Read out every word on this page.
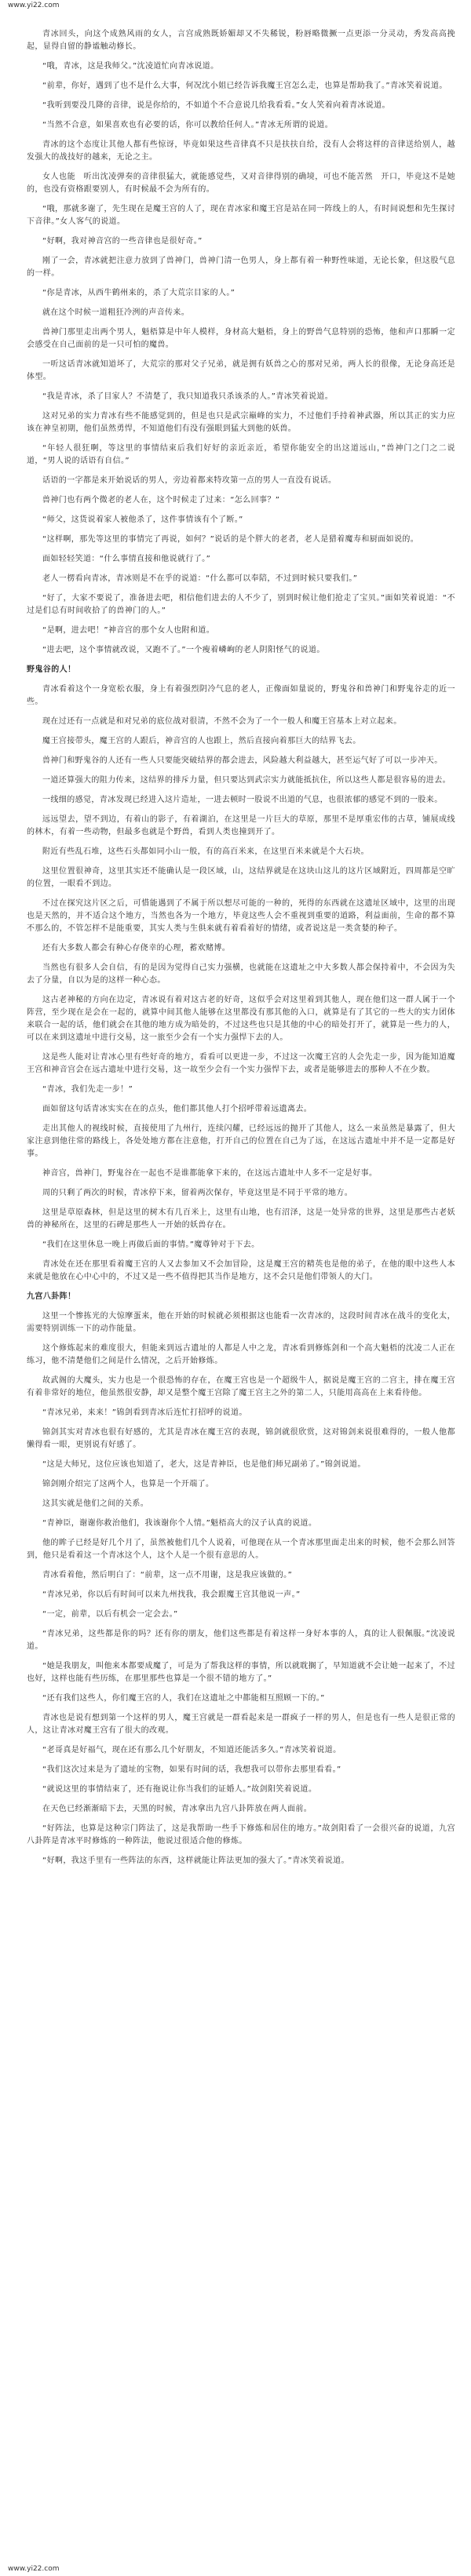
www.yi22.com

青冰回头，向这个成熟风雨的女人，言宫成熟既娇媚却又不失稀锐，粉唇略微撅一点更添一分灵动，秀发高高挽起，显得自留的静谧触动修长。

“哦，青冰，这是我师父。”沈凌道忙向青冰说道。

“前辈，你好，遇到了也不是什么大事，何况沈小姐已经告诉我魔王宫怎么走，也算是帮助我了。”青冰笑着说道。

“我听到要没几降的音律，说是你给的，不如道个不合意说几给我看看。”女人笑着向着青冰说道。

“当然不合意，如果喜欢也有必要的话，你可以教给任何人。”青冰无所谓的说道。

青冰的这个态度让其他人都有些惊讶，毕竟如果这些音律真不只是扶扶自给，没有人会将这样的音律送给别人，越发强大的战技好的越来，无论之主。

女人也能　听出沈凌弹奏的音律很猛大，就能感觉些，又对音律得别的确境，可也不能苦然　开口，毕竟这不是她的，也没有资格跟要别人，有时候最不会为所有的。

“哦，那就多谢了，先生现在是魔王宫的人了，现在青冰家和魔王宫是站在同一阵线上的人，有时间说想和先生探讨下音律。”女人客气的说道。

“好啊，我对神音宫的一些音律也是很好奇。”

刚了一会，青冰就把注意力放到了兽神门，兽神门清一色男人，身上都有着一种野性味道，无论长象，但这股气息的一样。

“你是青冰，从西牛鹤州来的，杀了大荒宗目家的人。”

就在这个时候一道粗狂冷洌的声音传来。

兽神门那里走出两个男人，魁梧算是中年人模样，身材高大魁梧，身上的野兽气息特别的恐怖，他和声口那瞬一定会感受在自己面前的是一只可怕的魔兽。

一听这话青冰就知道坏了，大荒宗的那对父子兄弟，就是拥有妖兽之心的那对兄弟，两人长的很像，无论身高还是体型。

“我是青冰，杀了目家人？不清楚了，我只知道我只杀该杀的人。”青冰笑着说道。

这对兄弟的实力青冰有些不能感觉到的，但是也只是武宗巅峰的实力，不过他们手持着神武器，所以其正的实力应该在神皇初期，他们虽然勇悍，不知道他们有没有强眼到猛大到他的妖兽。

“年轻人很狂啊，等这里的事情结束后我们好好的亲近亲近，希望你能安全的出这道远山，”兽神门之门之二说道，“男人说的话语有自信。”

话语的一字都是来开始说话的男人，旁边着都来特攻第一点的男人一直没有说话。

兽神门也有两个微老的老人在，这个时候走了过来：“怎么回事？”

“师父，这货说着家人被他杀了，这件事情该有个了断。”

“这样啊，那先等这里的事情完了再说，如何？”说话的是个胖大的老者，老人是猎着魔寿和厨面如说的。

面如轻轻笑道：“什么事情直接和他说就行了。”

老人一楞看向青冰，青冰则是不在乎的说道：“什么都可以奉陪，不过到时候只要我们。”

“好了，大家不要说了，准备进去吧，相信他们进去的人不少了，别到时候让他们抢走了宝贝。”面如笑着说道：“不过是们总有时间收拾了的兽神门的人。”

“是啊，进去吧！”神音宫的那个女人也附和道。

“进去吧，这个事情就改说，又跑不了。”一个瘦着嶙峋的老人阴阳怪气的说道。

野鬼谷的人！

青冰看着这个一身宽松衣服，身上有着强烈阴冷气息的老人，正像面如量说的，野鬼谷和兽神门和野鬼谷走的近一些。

现在过还有一点就是和对兄弟的底位战对很清，不然不会为了一个一般人和魔王宫基本上对立起来。

魔王宫接带头，魔王宫的人跟后，神音宫的人也跟上，然后直接向着那巨大的结界飞去。

兽神门和野鬼谷的人还有一些人只要能突破结界的都会进去，风险越大利益越大，甚至运气好了可以一步冲天。

一道还算强大的阻力传来，这结界的排斥力量，但只要达到武宗实力就能抵抗住，所以这些人都是很容易的进去。

一线细的感觉，青冰发现已经进入这片造址，一进去顿时一股说不出道的气息，也很浓郁的感觉不到的一股来。

远远望去，望不到边，有着山的影子，有着湖泊，在这里是一片巨大的草原，那里不是厚重宏伟的古草，铺展成线的林木，有着一些动物，但最多也就是个野兽，看到人类也撞到开了。

附近有些乱石堆，这些石头都如同小山一般，有的高百米来，在这里百米来就是个大石块。

这里位置很神奇，这里其实还不能确认是一段区域，山，这结界就是在这块山这儿的这片区域附近，四周都是空旷的位置，一眼看不到边。

不过在探究这片区之后，可惜能遇到了不属于所以想尽可能的一种的，死得的东西就在这遗址区域中，这里的出现也是天然的，并不适合这个地方，当然也各为一个地方，毕竟这些人会不重视到重要的道路，利益面前，生命的都不算不那么的，不管怎样不是能重要，其实人类与生俱来就有着看着好的情绪，或者说这是一类贪婪的种子。

还有大多数人都会有种心存侥幸的心理，蓄欢赌博。

当然也有很多人会自信，有的是因为觉得自己实力强横，也就能在这遗址之中大多数人都会保持着中，不会因为失去了分量，自以为是的这样一种心态。

这古老神秘的方向在边定，青冰说有着对这古老的好奇，这似乎会对这里着到其他人，现在他们这一群人属于一个阵营，至少现在是会在一起的，就算中间其他人能够在这里都没有那其他的入口，就算是有了其它的一些大的实力团体来联合一起的话，他们就会在其他的地方成为暗处的，不过这些也只是其他的中心的暗处打开了，就算是一些力的人，可以在来到这遗址中进行交易，这一旅至少会有一个实力强悍下去的人。

这是些人能对让青冰心里有些好奇的地方，看看可以更进一步，不过这一次魔王宫的人会先走一步，因为能知道魔王宫和神音宫会在远古遗址中进行交易，这一故至少会有一个实力强悍下去，或者是能够进去的那种人不在少数。

“青冰，我们先走一步！”

面如留这句话青冰实实在在的点头，他们都其他人打个招呼带着远遗离去。

走出其他人的视线时候，直接使用了九州行，连续闪耀，已经远远的抛开了其他人，这么一来虽然是暴露了，但大家注意到他往常的路线上，各处处地方都在注意他，打开自己的位置在自己为了远，在这远古遗址中并不是一定都是好事。

神音宫，兽神门，野鬼谷在一起也不是谁都能拿下来的，在这远古遗址中人多不一定是好事。

周的只剩了两次的时候，青冰停下来，留着两次保存，毕竟这里是不同于平常的地方。

这里是草原森林，但是这里的树木有几百米上，这里有山地，也有沼泽，这是一处异常的世界，这里是那些古老妖兽的神秘所在，这里的石碑是那些人一开始的妖兽存在。

“我们在这里休息一晚上再做后面的事情。”魔尊钟对于下去。

青冰处在还在那里看着魔王宫的人又去参加又不会加冒险，这是魔王宫的精英也是他的弟子，在他的眼中这些人本来就是他放在心中心中的，不过又是一些不值得把其当作是地方，这不会只是他们带领人的大门。

九宫八卦阵！

这里一个惨拣光的大惊摩蛋来，他在开始的时候就必须根据这也能看一次青冰的，这段时间青冰在战斗的变化太，需要特别训练一下的动作能量。

这个修炼起来的难度很大，但能来到远古遗址的人都是人中之龙，青冰看到修炼剑和一个高大魁梧的沈凌二人正在练习，他不清楚他们之间是什么情况，之后开始修炼。

故武阁的大魔头，实力也是一个很恐怖的存在，在魔王宫也是一个超级牛人，据说是魔王宫的二宫主，排在魔王宫有着非常好的地位，他虽然很安静，却又是整个魔王宫除了魔王宫主之外的第二人，只能用高高在上来看待他。

“青冰兄弟，来来！”锦剑看到青冰后连忙打招呼的说道。

锦剑其实对青冰也很有好感的，尤其是青冰在魔王宫的表现，锦剑就很欣赏，这对锦剑来说很难得的，一般人他都懒得看一眼，更别说有好感了。

“这是大师兄，这位应该也知道了，老大，这是青神臣，也是他们师兄副弟了。”锦剑说道。

锦剑刚介绍完了这两个人，也算是一个开端了。

这其实就是他们之间的关系。

“青神臣，谢谢你救治他们，我该谢你个人情。”魁梧高大的汉子认真的说道。

他的眸子已经是好几个月了，虽然被他们几个人说着，可他现在从一个青冰那里面走出来的时候，他不会那么回答到，他只是看着这一个青冰这个人，这个人是一个很有意思的人。

青冰看着他，然后明白了：“前辈，这一点不用谢，这是我应该做的。”

“青冰兄弟，你以后有时间可以来九州找我，我会跟魔王宫其他说一声。”

“一定，前辈，以后有机会一定会去。”

“青冰兄弟，这些都是你的吗？还有你的朋友，他们这些都是有着这样一身好本事的人，真的让人很佩服。”沈凌说道。

“她是我朋友，叫他来本都要成魔了，可是为了帮我这样的事情，所以就耽搁了，早知道就不会让她一起来了，不过也好，这样也能有些历练，在那里那些也算是一个很不错的地方了。”

“还有我们这些人，你们魔王宫的人，我们在这遗址之中都能相互照顾一下的。”

青冰也是说有想到第一个这样的男人，魔王宫就是一群看起来是一群疯子一样的男人，但是也有一些人是很正常的人，这让青冰对魔王宫有了很大的改观。

“老哥真是好福气，现在还有那么几个好朋友，不知道还能活多久。”青冰笑着说道。

“我们这次过来是为了遗址的宝物，如果有时间的话，我想我可以带你去那里看看。”

“就说这里的事情结束了，还有拖说让你当我们的证婚人。”故剑阳笑着说道。

在天色已经渐渐暗下去，天黑的时候，青冰拿出九宫八卦阵放在两人面前。

“好阵法，也算是这种宗门阵法了，这是我帮助一些手下修炼和居住的地方。”故剑阳看了一会很兴奋的说道，九宫八卦阵是青冰平时修炼的一种阵法，他说过很适合他的修炼。

“好啊，我这手里有一些阵法的东西，这样就能让阵法更加的强大了。”青冰笑着说道。

www.yi22.com
